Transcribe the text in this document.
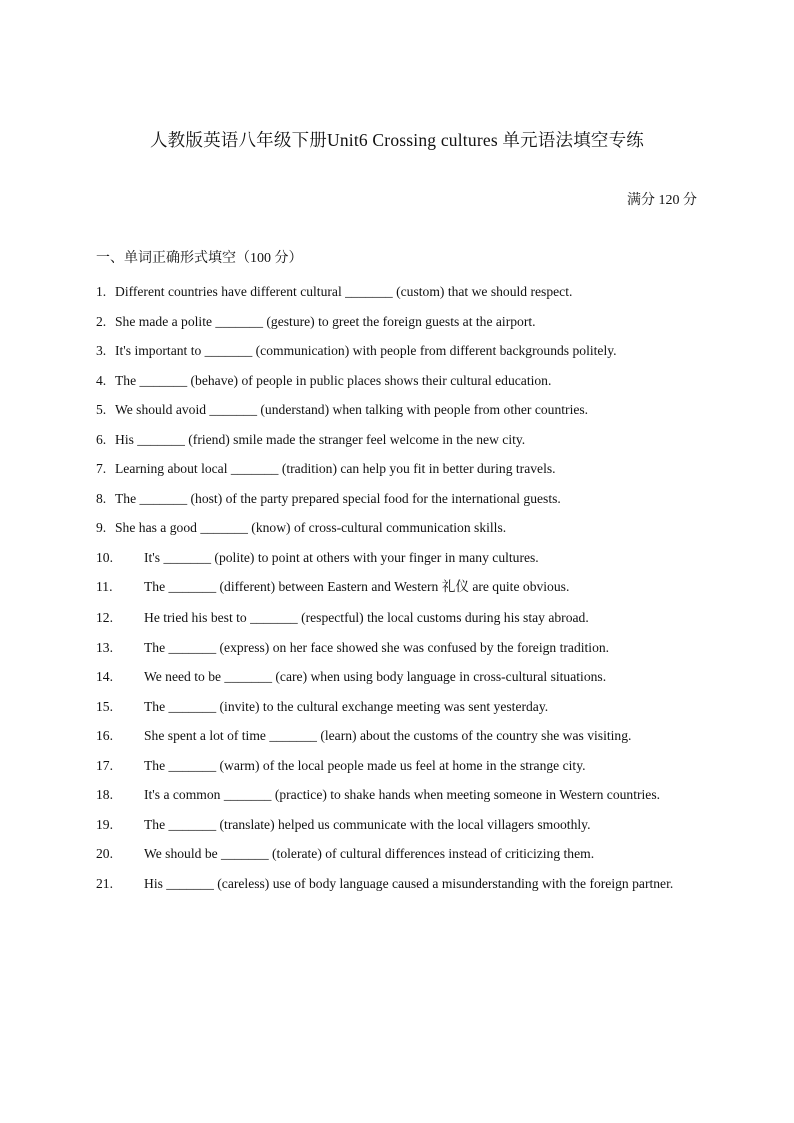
人教版英语八年级下册Unit6 Crossing cultures 单元语法填空专练
满分 120 分
一、单词正确形式填空（100 分）
1. Different countries have different cultural _______ (custom) that we should respect.
2. She made a polite _______ (gesture) to greet the foreign guests at the airport.
3. It's important to _______ (communication) with people from different backgrounds politely.
4. The _______ (behave) of people in public places shows their cultural education.
5. We should avoid _______ (understand) when talking with people from other countries.
6. His _______ (friend) smile made the stranger feel welcome in the new city.
7. Learning about local _______ (tradition) can help you fit in better during travels.
8. The _______ (host) of the party prepared special food for the international guests.
9. She has a good _______ (know) of cross-cultural communication skills.
10.	It's _______ (polite) to point at others with your finger in many cultures.
11.	The _______ (different) between Eastern and Western 礼仪 are quite obvious.
12.	He tried his best to _______ (respectful) the local customs during his stay abroad.
13.	The _______ (express) on her face showed she was confused by the foreign tradition.
14.	We need to be _______ (care) when using body language in cross-cultural situations.
15.	The _______ (invite) to the cultural exchange meeting was sent yesterday.
16.	She spent a lot of time _______ (learn) about the customs of the country she was visiting.
17.	The _______ (warm) of the local people made us feel at home in the strange city.
18.	It's a common _______ (practice) to shake hands when meeting someone in Western countries.
19.	The _______ (translate) helped us communicate with the local villagers smoothly.
20.	We should be _______ (tolerate) of cultural differences instead of criticizing them.
21.	His _______ (careless) use of body language caused a misunderstanding with the foreign partner.
